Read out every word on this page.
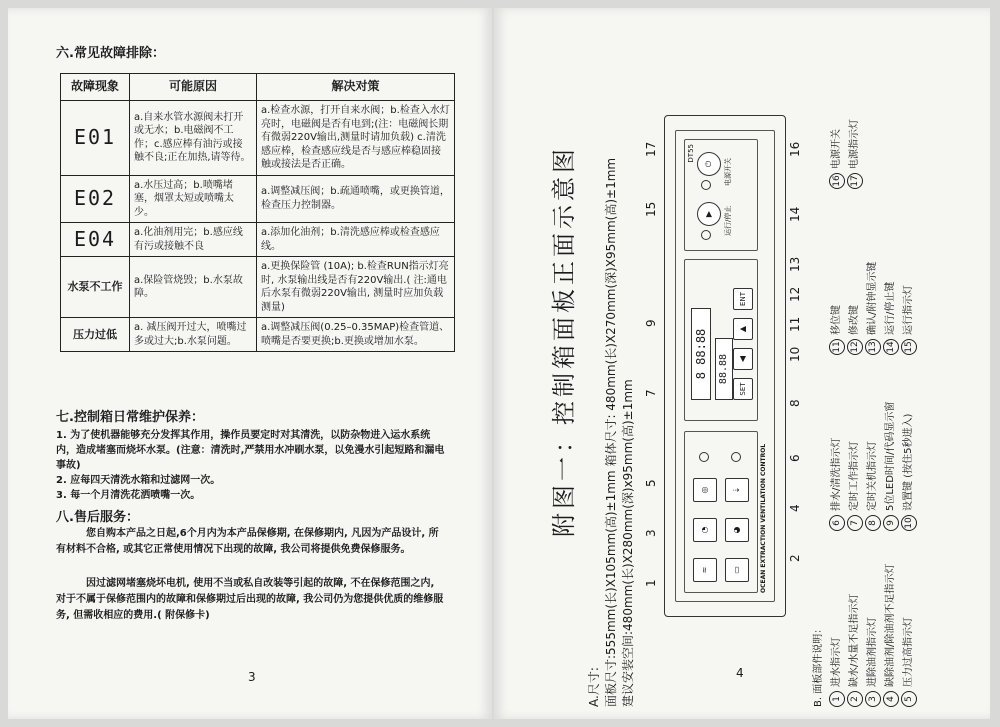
六.常见故障排除：
故障现象	可能原因	解决对策
E01	a.自来水管水源阀未打开或无水；b.电磁阀不工作；c.感应棒有油污或接触不良;正在加热,请等待。	a.检查水源，打开自来水阀；b.检查入水灯亮时，电磁阀是否有电到;(注：电磁阀长期有微弱220V输出,测量时请加负载) c.清洗感应棒，检查感应线是否与感应棒稳固接触或接法是否正确。
E02	a.水压过高；b.喷嘴堵塞，烟罩太短或喷嘴太少。	a.调整减压阀；b.疏通喷嘴，或更换管道，检查压力控制器。
E04	a.化油剂用完；b.感应线有污或接触不良	a.添加化油剂；b.清洗感应棒或检查感应线。
水泵不工作	a.保险管烧毁；b.水泵故障。	a.更换保险管 (10A); b.检查RUN指示灯亮时, 水泵输出线是否有220V输出.( 注:通电后水泵有微弱220V输出, 测量时应加负载测量)
压力过低	a. 减压阀开过大，喷嘴过多或过大;b.水泵问题。	a.调整减压阀(0.25–0.35MAP)检查管道、喷嘴是否要更换;b.更换或增加水泵。
七.控制箱日常维护保养：
1. 为了使机器能够充分发挥其作用，操作员要定时对其清洗，以防杂物进入运水系统内，造成堵塞而烧坏水泵。(注意：清洗时,严禁用水冲刷水泵，以免漫水引起短路和漏电事故)
2. 应每四天清洗水箱和过滤网一次。
3. 每一个月清洗花洒喷嘴一次。
八.售后服务：
您自购本产品之日起,6个月内为本产品保修期, 在保修期内, 凡因为产品设计, 所有材料不合格, 或其它正常使用情况下出现的故障, 我公司将提供免费保修服务。
因过滤网堵塞烧坏电机, 使用不当或私自改装等引起的故障, 不在保修范围之内, 对于不属于保修范围内的故障和保修期过后出现的故障, 我公司仍为您提供优质的维修服务, 但需收相应的费用.( 附保修卡)
3
附图一：控制箱面板正面示意图
A.尺寸: 面板尺寸:555mm(长)X105mm(高)±1mm 箱体尺寸: 480mm(长)X270mm(深)X95mm(高)±1mm 建议安装空间:480mm(长)X280mm(深)x95mm(高)±1mm 1
3
5
7
9
15
17
OCEAN EXTRACTION VENTILATION CONTROL
≈	▭
◔	◕
◎	⇣
8 88:88	88.88
SET
◀
▲
ENT
DT55
▶	运行/停止
⏻	电源开关
2
4
6
8
10
11
12
13
14
16
B. 面板部件说明： 1进水指示灯
2缺水/水量不足指示灯
3进除油剂指示灯
4缺除油剂/除油剂不足指示灯
5压力过高指示灯
6排水/清洗指示灯
7定时工作指示灯
8定时关机指示灯
95位LED时间/代码显示窗
10设置键 (按住5秒进入)
11移位键
12修改键
13确认/附钟显示键
14运行/停止键
15运行指示灯
16电源开关
17电源指示灯
4
